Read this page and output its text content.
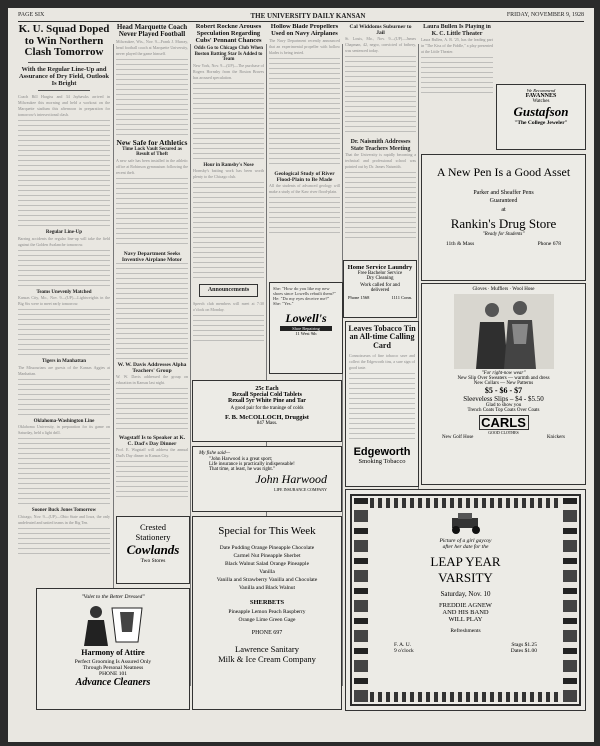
PAGE SIX	THE UNIVERSITY DAILY KANSAN	FRIDAY, NOVEMBER 9, 1928
K. U. Squad Doped to Win Northern Clash Tomorrow
With the Regular Line-Up and Assurance of Dry Field, Outlook Is Bright

Coach Bill Hargiss and 34 Jayhawks arrived in Milwaukee this morning and held a workout on the Marquette stadium this afternoon in preparation for tomorrow's intersectional clash.

Regular Line-Up

Barring accidents the regular line-up will take the field against the Golden Avalanche tomorrow.

Teams Unevenly Matched

Kansas City, Mo., Nov. 9—(UP)—Lightweights in the Big Six were to meet early tomorrow.

Tigers in Manhattan

The Missourians are guests of the Kansas Aggies at Manhattan.

Oklahoma-Washington Line

Oklahoma University, in preparation for its game on Saturday, held a light drill.

Sooner Buck Jones Tomorrow

Chicago, Nov. 9—(UP)—Ohio State and Iowa, the only undefeated and untied teams in the Big Ten.

Head Marquette Coach Never Played Football

Milwaukee, Wis., Nov. 9—Frank J. Murray, head football coach at Marquette University, never played the game himself.

New Safe for Athletics
Time Lock Vault Secured as Result of Theft

A new safe has been installed in the athletic office at Robinson gymnasium following the recent theft.

Navy Department Seeks Inventive Airplane Motor
W. W. Davis Addresses Alpha Teachers' Group

W. W. Davis addressed the group on education in Kansas last night.

Wagstaff Is to Speaker at K. C. Dad's Day Dinner

Prof. E. Wagstaff will address the annual Dad's Day dinner in Kansas City.

Robert Rockne Arouses Speculation Regarding Cubs' Pennant Chances
Odds Go to Chicago Club When Boston Batting Star Is Added to Team

New York, Nov. 9—(UP)—The purchase of Rogers Hornsby from the Boston Braves has aroused speculation.

Hour in Ramsby's Nose

Hornsby's batting work has been worth plenty to the Chicago club.

Announcements

Speech club members will meet at 7:30 o'clock on Monday.

Hollow Blade Propellers Used on Navy Airplanes

The Navy Department recently announced that an experimental propeller with hollow blades is being tested.

Geological Study of River Flood-Plain to Be Made

All the students of advanced geology will make a study of the Kaw river flood-plain.

Home Service Laundry
Free Bachelor Service
Dry Cleaning
Work called for and
delivered
Phone 1568	1111 Conn.
She: "How do you like my new shoes since Lowells rebuilt them?"
He: "Do my eyes deceive me?"
She: "Yes."
Lowell's
Shoe Repairing
11 West 9th
Cal Widdoms Suburner to Jail

St. Louis, Mo., Nov. 9—(UP)—James Chapman, 42, negro, convicted of bribery, was sentenced today.

Dr. Naismith Addresses State Teachers Meeting

That the University is rapidly becoming a technical and professional school was pointed out by Dr. James Naismith.

Laura Bullen Is Playing in K. C. Little Theater

Laura Bullen, A. B. '25, has the leading part in "The Kiss of the Fiddle," a play presented at the Little Theater.

We Recommend
FAVANNES
Watches
Gustafson
"The College Jeweler"
A New Pen Is a Good Asset
Parker and Sheaffer Pens
Guaranteed
at
Rankin's Drug Store
"Ready for Students"
11th & Mass	Phone 678
Leaves Tobacco Tin an All-time Calling Card

Connoisseurs of fine tobacco save and collect the Edgeworth tins, a sure sign of good taste.

Edgeworth
Smoking Tobacco
Gloves · Mufflers · Wool Hose
"For right-now wear"
New Slip Over Sweaters — warmth and dress
New Collars — New Patterns
$5 - $6 - $7
Sleeveless Slips – $4 - $5.50
Glad to show you
Trench Coats Top Coats Over Coats
CARLS
GOOD CLOTHES
New Golf Hose	Knickers
25c Each
Rexall Special Cold Tablets
Rexall 5yr White Pine and Tar
A good pair for the traninge of colds
F. B. McCOLLOCH, Druggist
847 Mass.
My fishe said—
"John Harwood is a great sport;
Life insurance is practically indispensable!
That time, at least, he was right."
John Harwood
LIFE INSURANCE COMPANY
Crested
Stationery
Cowlands
Two Stores
Special for This Week
Date Pudding Orange Pineapple Chocolate
Carmel Nut Pineapple Sherbet
Black Walnut Salad Orange Pineapple
Vanilla
Vanilla and Strawberry Vanilla and Chocolate
Vanilla and Black Walnut
SHERBETS
Pineapple Lemon Peach Raspberry
Orange Lime Green Gage
PHONE 697
Lawrence Sanitary
Milk & Ice Cream Company
"Valet to the Better Dressed"
Harmony of Attire
Perfect Grooming Is Assured Only
Through Personal Neatness
PHONE 101
Advance Cleaners
Picture of a girl gaycoy
after her date for the
LEAP YEAR
VARSITY
Saturday, Nov. 10
FREDDIE AGNEW
AND HIS BAND
WILL PLAY
Refreshments
F. A. U.
9 o'clock
Stags $1.25
Dates $1.00
